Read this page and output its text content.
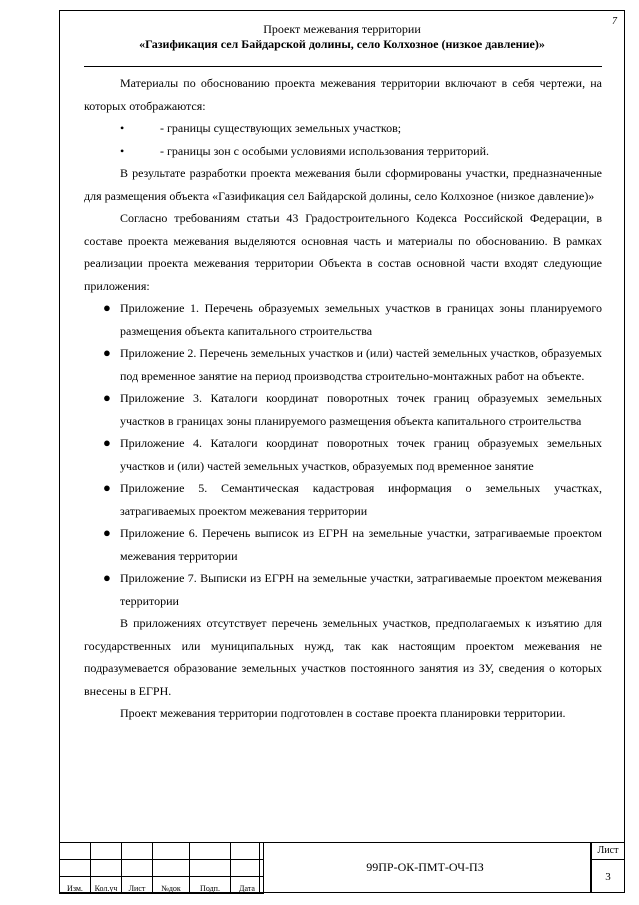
7
Проект межевания территории
«Газификация сел Байдарской долины, село Колхозное (низкое давление)»

Материалы по обоснованию проекта межевания территории включают в себя чертежи, на которых отображаются:

•	- границы существующих земельных участков;
•	- границы зон с особыми условиями использования территорий.

В результате разработки проекта межевания были сформированы участки, предназначенные для размещения объекта «Газификация сел Байдарской долины, село Колхозное (низкое давление)»

Согласно требованиям статьи 43 Градостроительного Кодекса Российской Федерации, в составе проекта межевания выделяются основная часть и материалы по обоснованию. В рамках реализации проекта межевания территории Объекта в состав основной части входят следующие приложения:

● Приложение 1. Перечень образуемых земельных участков в границах зоны планируемого размещения объекта капитального строительства
● Приложение 2. Перечень земельных участков и (или) частей земельных участков, образуемых под временное занятие на период производства строительно-монтажных работ на объекте.
● Приложение 3. Каталоги координат поворотных точек границ образуемых земельных участков в границах зоны планируемого размещения объекта капитального строительства
● Приложение 4. Каталоги координат поворотных точек границ образуемых земельных участков и (или) частей земельных участков, образуемых под временное занятие
● Приложение 5. Семантическая кадастровая информация о земельных участках, затрагиваемых проектом межевания территории
● Приложение 6. Перечень выписок из ЕГРН на земельные участки, затрагиваемые проектом межевания территории
● Приложение 7. Выписки из ЕГРН на земельные участки, затрагиваемые проектом межевания территории

В приложениях отсутствует перечень земельных участков, предполагаемых к изъятию для государственных или муниципальных нужд, так как настоящим проектом межевания не подразумевается образование земельных участков постоянного занятия из ЗУ, сведения о которых внесены в ЕГРН.

Проект межевания территории подготовлен в составе проекта планировки территории.

Изм.	Кол.уч	Лист	№док	Подп.	Дата
99ПР-ОК-ПМТ-ОЧ-ПЗ
Лист
3
